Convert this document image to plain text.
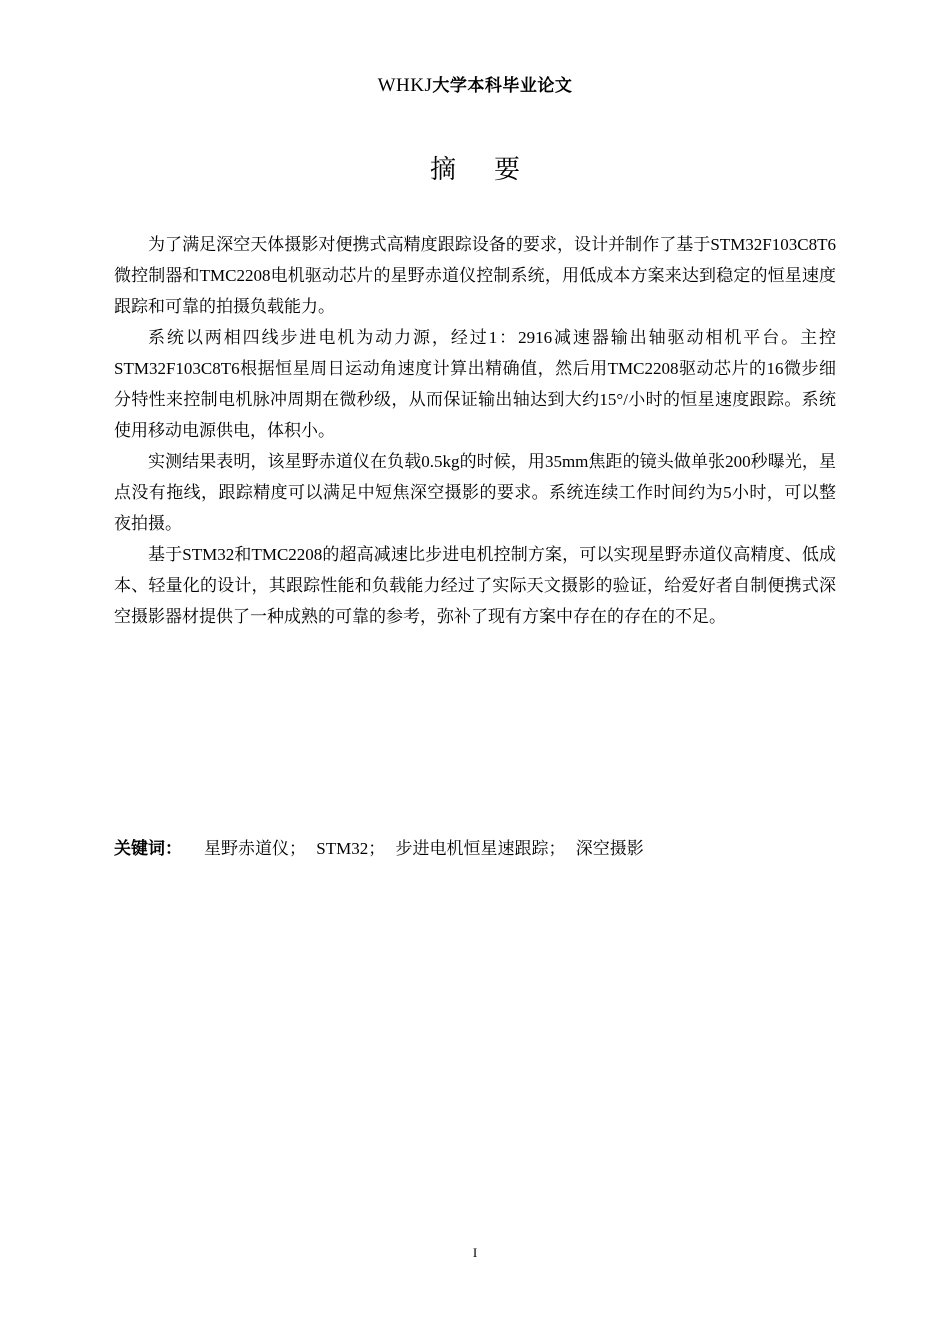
WHKJ大学本科毕业论文
摘要

为了满足深空天体摄影对便携式高精度跟踪设备的要求，设计并制作了基于STM32F103C8T6微控制器和TMC2208电机驱动芯片的星野赤道仪控制系统，用低成本方案来达到稳定的恒星速度跟踪和可靠的拍摄负载能力。

系统以两相四线步进电机为动力源，经过1：2916减速器输出轴驱动相机平台。主控STM32F103C8T6根据恒星周日运动角速度计算出精确值，然后用TMC2208驱动芯片的16微步细分特性来控制电机脉冲周期在微秒级，从而保证输出轴达到大约15°/小时的恒星速度跟踪。系统使用移动电源供电，体积小。

实测结果表明，该星野赤道仪在负载0.5kg的时候，用35mm焦距的镜头做单张200秒曝光，星点没有拖线，跟踪精度可以满足中短焦深空摄影的要求。系统连续工作时间约为5小时，可以整夜拍摄。

基于STM32和TMC2208的超高减速比步进电机控制方案，可以实现星野赤道仪高精度、低成本、轻量化的设计，其跟踪性能和负载能力经过了实际天文摄影的验证，给爱好者自制便携式深空摄影器材提供了一种成熟的可靠的参考，弥补了现有方案中存在的存在的不足。

关键词： 星野赤道仪； STM32； 步进电机恒星速跟踪； 深空摄影
I
